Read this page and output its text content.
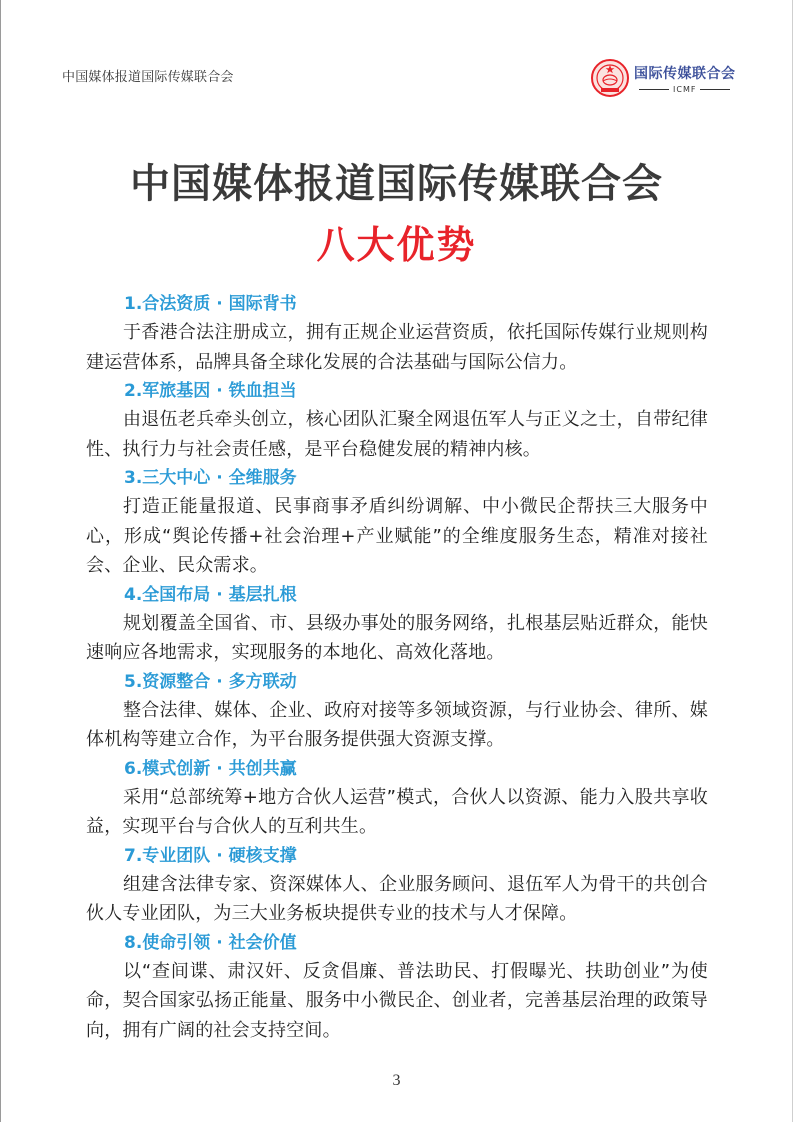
中国媒体报道国际传媒联合会	国际传媒联合会
ICMF
中国媒体报道国际传媒联合会
八大优势
1.合法资质 · 国际背书

于香港合法注册成立，拥有正规企业运营资质，依托国际传媒行业规则构建运营体系，品牌具备全球化发展的合法基础与国际公信力。

2.军旅基因 · 铁血担当

由退伍老兵牵头创立，核心团队汇聚全网退伍军人与正义之士，自带纪律性、执行力与社会责任感，是平台稳健发展的精神内核。

3.三大中心 · 全维服务

打造正能量报道、民事商事矛盾纠纷调解、中小微民企帮扶三大服务中心，形成“舆论传播+社会治理+产业赋能”的全维度服务生态，精准对接社会、企业、民众需求。

4.全国布局 · 基层扎根

规划覆盖全国省、市、县级办事处的服务网络，扎根基层贴近群众，能快速响应各地需求，实现服务的本地化、高效化落地。

5.资源整合 · 多方联动

整合法律、媒体、企业、政府对接等多领域资源，与行业协会、律所、媒体机构等建立合作，为平台服务提供强大资源支撑。

6.模式创新 · 共创共赢

采用“总部统筹+地方合伙人运营”模式，合伙人以资源、能力入股共享收益，实现平台与合伙人的互利共生。

7.专业团队 · 硬核支撑

组建含法律专家、资深媒体人、企业服务顾问、退伍军人为骨干的共创合伙人专业团队，为三大业务板块提供专业的技术与人才保障。

8.使命引领 · 社会价值

以“查间谍、肃汉奸、反贪倡廉、普法助民、打假曝光、扶助创业”为使命，契合国家弘扬正能量、服务中小微民企、创业者，完善基层治理的政策导向，拥有广阔的社会支持空间。

3
